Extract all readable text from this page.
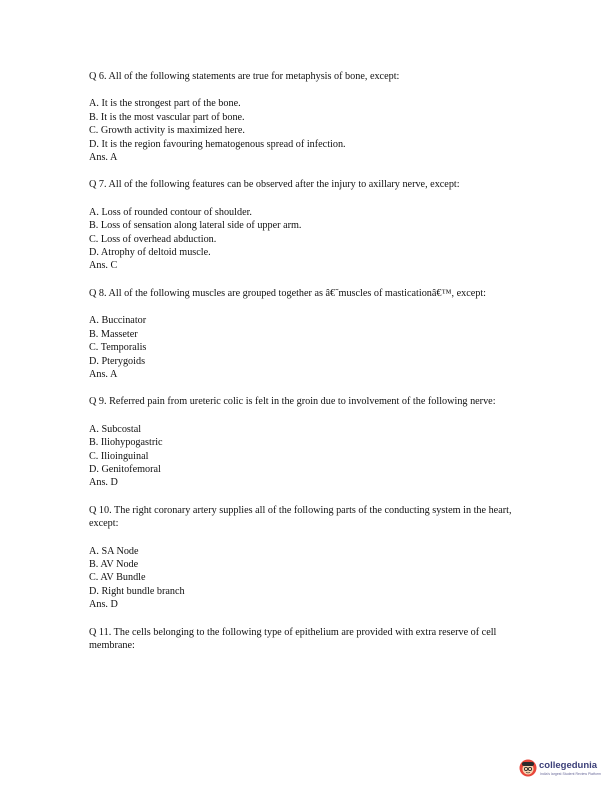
Q 6. All of the following statements are true for metaphysis of bone, except:

A. It is the strongest part of the bone.

B. It is the most vascular part of bone.

C. Growth activity is maximized here.

D. It is the region favouring hematogenous spread of infection.

Ans. A

Q 7. All of the following features can be observed after the injury to axillary nerve, except:

A. Loss of rounded contour of shoulder.

B. Loss of sensation along lateral side of upper arm.

C. Loss of overhead abduction.

D. Atrophy of deltoid muscle.

Ans. C

Q 8. All of the following muscles are grouped together as â€˜muscles of masticationâ€™, except:

A. Buccinator

B. Masseter

C. Temporalis

D. Pterygoids

Ans. A

Q 9. Referred pain from ureteric colic is felt in the groin due to involvement of the following nerve:

A. Subcostal

B. Iliohypogastric

C. Ilioinguinal

D. Genitofemoral

Ans. D

Q 10. The right coronary artery supplies all of the following parts of the conducting system in the heart, except:

A. SA Node

B. AV Node

C. AV Bundle

D. Right bundle branch

Ans. D

Q 11. The cells belonging to the following type of epithelium are provided with extra reserve of cell membrane:

collegedunia
India's largest Student Review Platform
